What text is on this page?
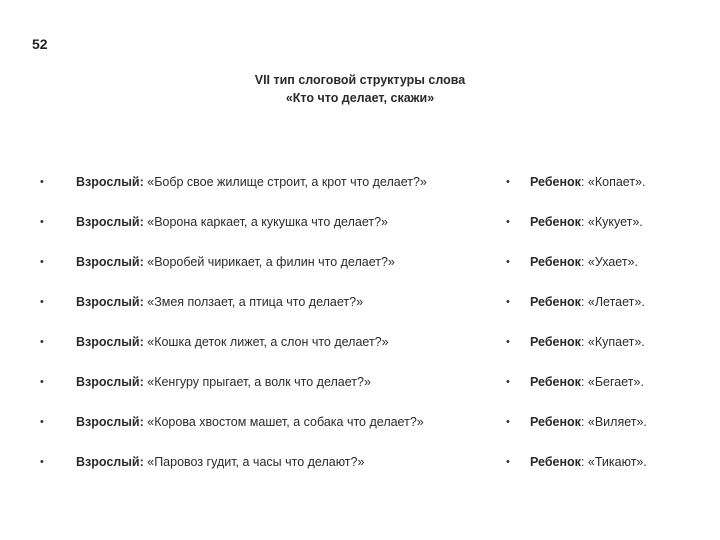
52
VII тип слоговой структуры слова
«Кто что делает, скажи»
•	Взрослый: «Бобр свое жилище строит, а крот что делает?»	• Ребенок: «Копает».
•	Взрослый: «Ворона каркает, а кукушка что делает?»	• Ребенок: «Кукует».
•	Взрослый: «Воробей чирикает, а филин что делает?»	• Ребенок: «Ухает».
•	Взрослый: «Змея ползает, а птица что делает?»	• Ребенок: «Летает».
•	Взрослый: «Кошка деток лижет, а слон что делает?»	• Ребенок: «Купает».
•	Взрослый: «Кенгуру прыгает, а волк что делает?»	• Ребенок: «Бегает».
•	Взрослый: «Корова хвостом машет, а собака что делает?»	• Ребенок: «Виляет».
•	Взрослый: «Паровоз гудит, а часы что делают?»	• Ребенок: «Тикают».
